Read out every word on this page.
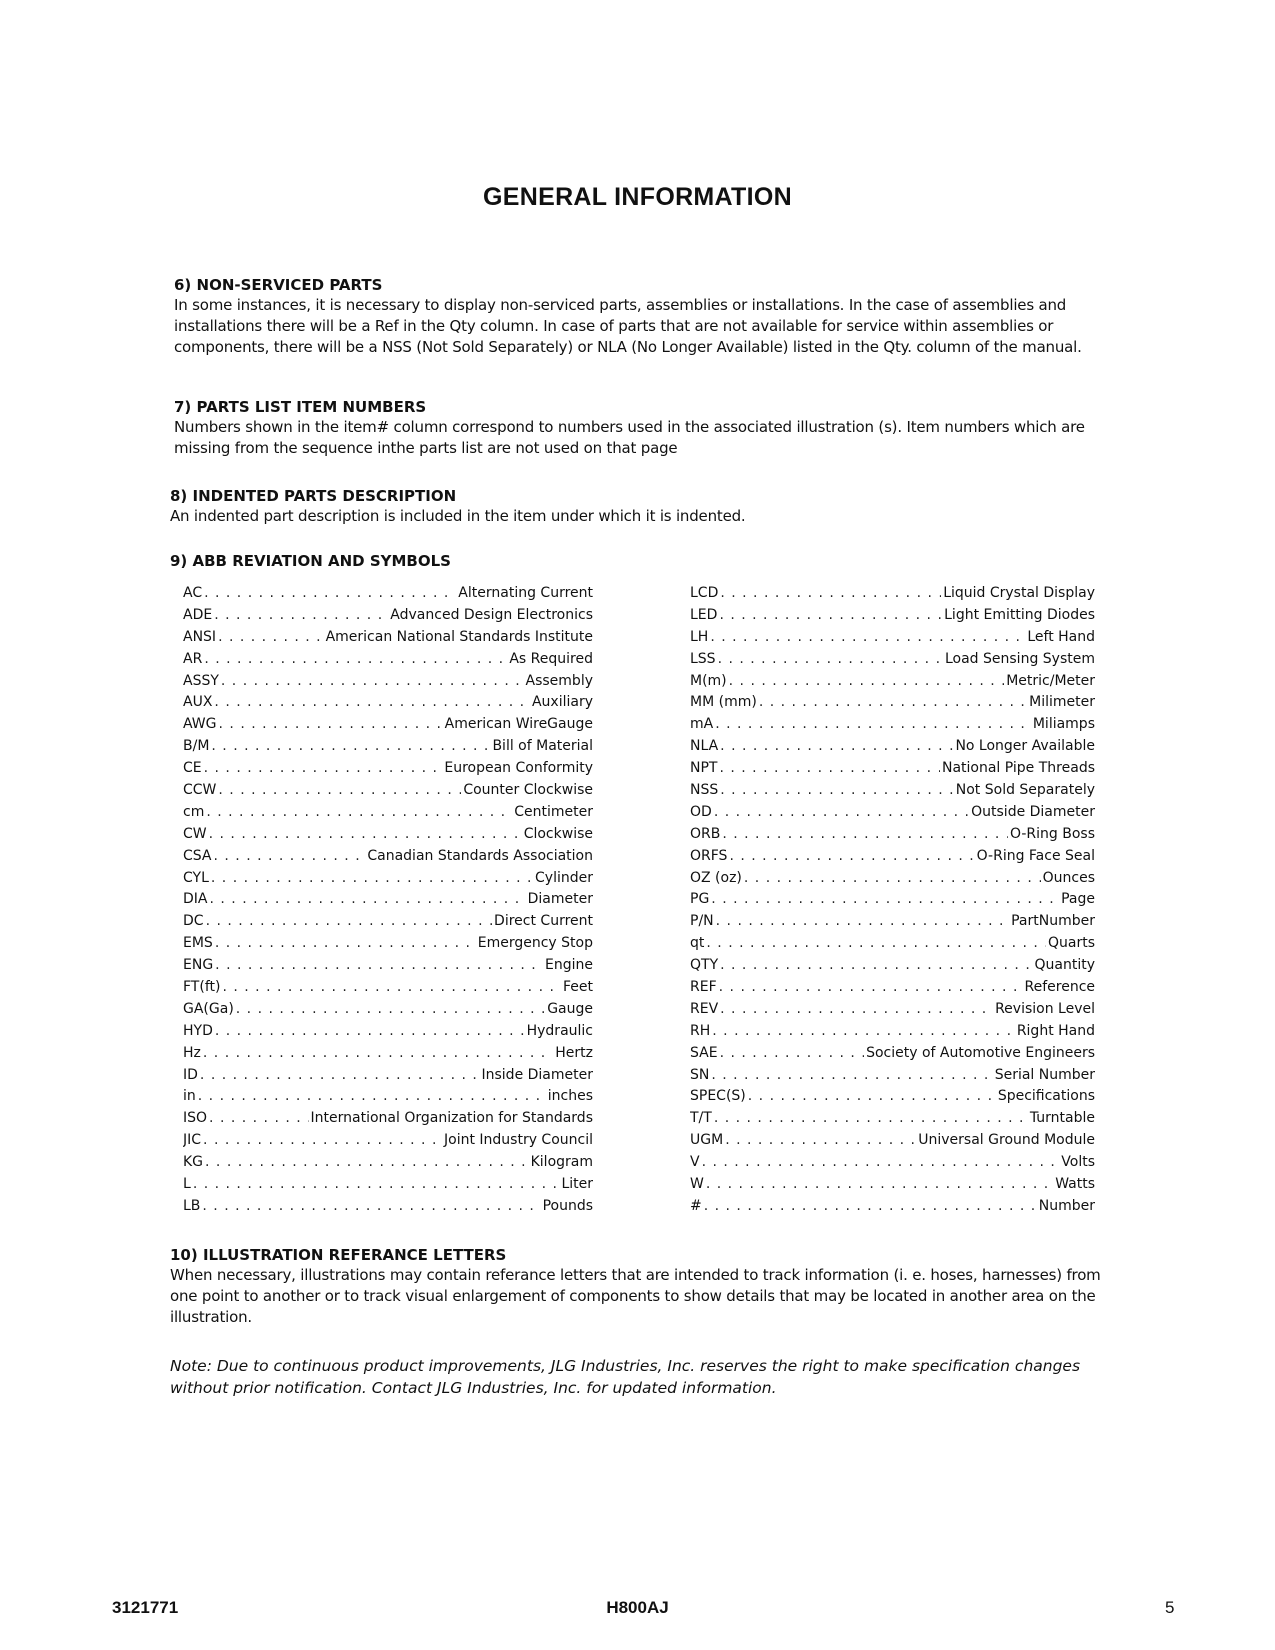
GENERAL INFORMATION
6) NON-SERVICED PARTS
In some instances, it is necessary to display non-serviced parts, assemblies or installations. In the case of assemblies and installations there will be a Ref in the Qty column. In case of parts that are not available for service within assemblies or components, there will be a NSS (Not Sold Separately) or NLA (No Longer Available) listed in the Qty. column of the manual.
7) PARTS LIST ITEM NUMBERS
Numbers shown in the item# column correspond to numbers used in the associated illustration (s). Item numbers which are missing from the sequence inthe parts list are not used on that page
8) INDENTED PARTS DESCRIPTION
An indented part description is included in the item under which it is indented.
9) ABB REVIATION AND SYMBOLS
AC . . .	Alternating Current
ADE . . .	Advanced Design Electronics
ANSI . . .	American National Standards Institute
AR . . .	As Required
ASSY . . .	Assembly
AUX . . .	Auxiliary
AWG . . .	American WireGauge
B/M . . .	Bill of Material
CE . . .	European Conformity
CCW . . .	Counter Clockwise
cm . . .	Centimeter
CW . . .	Clockwise
CSA . . .	Canadian Standards Association
CYL . . .	Cylinder
DIA . . .	Diameter
DC . . .	Direct Current
EMS . . .	Emergency Stop
ENG . . .	Engine
FT(ft) . . .	Feet
GA(Ga) . . .	Gauge
HYD . . .	Hydraulic
Hz . . .	Hertz
ID . . .	Inside Diameter
in . . .	inches
ISO . . .	International Organization for Standards
JIC . . .	Joint Industry Council
KG . . .	Kilogram
L . . .	Liter
LB . . .	Pounds
LCD . . .	Liquid Crystal Display
LED . . .	Light Emitting Diodes
LH . . .	Left Hand
LSS . . .	Load Sensing System
M(m) . . .	Metric/Meter
MM (mm) . . .	Milimeter
mA . . .	Miliamps
NLA . . .	No Longer Available
NPT . . .	National Pipe Threads
NSS . . .	Not Sold Separately
OD . . .	Outside Diameter
ORB . . .	O-Ring Boss
ORFS . . .	O-Ring Face Seal
OZ (oz) . . .	Ounces
PG . . .	Page
P/N . . .	PartNumber
qt . . .	Quarts
QTY . . .	Quantity
REF . . .	Reference
REV . . .	Revision Level
RH . . .	Right Hand
SAE . . .	Society of Automotive Engineers
SN . . .	Serial Number
SPEC(S) . . .	Specifications
T/T . . .	Turntable
UGM . . .	Universal Ground Module
V . . .	Volts
W . . .	Watts
# . . .	Number
10) ILLUSTRATION REFERANCE LETTERS
When necessary, illustrations may contain referance letters that are intended to track information (i. e. hoses, harnesses) from one point to another or to track visual enlargement of components to show details that may be located in another area on the illustration.
Note: Due to continuous product improvements, JLG Industries, Inc. reserves the right to make specification changes without prior notification. Contact JLG Industries, Inc. for updated information.
3121771	H800AJ	5
